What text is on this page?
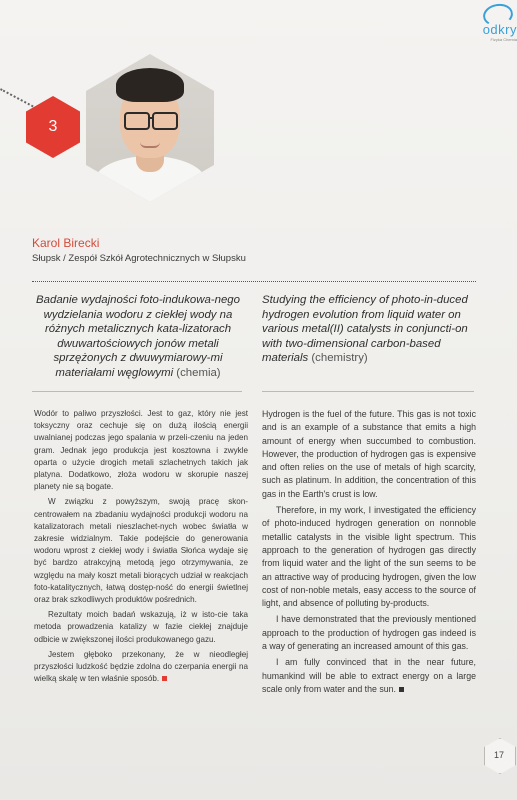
odkry
Fizyka Chemia
3
Karol Birecki
Słupsk / Zespół Szkół Agrotechnicznych w Słupsku
Badanie wydajności foto-indukowa-nego wydzielania wodoru z ciekłej wody na różnych metalicznych kata-lizatorach dwuwartościowych jonów metali sprzężonych z dwuwymiarowy-mi materiałami węglowymi (chemia)
Studying the efficiency of photo-in-duced hydrogen evolution from liquid water on various metal(II) catalysts in conjuncti-on with two-dimensional carbon-based materials (chemistry)

Wodór to paliwo przyszłości. Jest to gaz, który nie jest toksyczny oraz cechuje się on dużą ilością energii uwalnianej podczas jego spalania w przeli-czeniu na jeden gram. Jednak jego produkcja jest kosztowna i zwykle oparta o użycie drogich metali szlachetnych takich jak platyna. Dodatkowo, złoża wodoru w skorupie naszej planety nie są bogate.

W związku z powyższym, swoją pracę skon-centrowałem na zbadaniu wydajności produkcji wodoru na katalizatorach metali nieszlachet-nych wobec światła w zakresie widzialnym. Takie podejście do generowania wodoru wprost z ciekłej wody i światła Słońca wydaje się być bardzo atrakcyjną metodą jego otrzymywania, ze względu na mały koszt metali biorących udział w reakcjach foto-katalitycznych, łatwą dostęp-ność do energii świetlnej oraz brak szkodliwych produktów pośrednich.

Rezultaty moich badań wskazują, iż w isto-cie taka metoda prowadzenia katalizy w fazie ciekłej znajduje odbicie w zwiększonej ilości produkowanego gazu.

Jestem głęboko przekonany, że w nieodległej przyszłości ludzkość będzie zdolna do czerpania energii na wielką skalę w ten właśnie sposób.

Hydrogen is the fuel of the future. This gas is not toxic and is an example of a substance that emits a high amount of energy when succumbed to combustion. However, the production of hydrogen gas is expensive and often relies on the use of metals of high scarcity, such as platinum. In addition, the concentration of this gas in the Earth's crust is low.

Therefore, in my work, I investigated the efficiency of photo-induced hydrogen generation on nonnoble metallic catalysts in the visible light spectrum. This approach to the generation of hydrogen gas directly from liquid water and the light of the sun seems to be an attractive way of producing hydrogen, given the low cost of non-noble metals, easy access to the source of light, and absence of polluting by-products.

I have demonstrated that the previously mentioned approach to the production of hydrogen gas indeed is a way of generating an increased amount of this gas.

I am fully convinced that in the near future, humankind will be able to extract energy on a large scale only from water and the sun.

17
